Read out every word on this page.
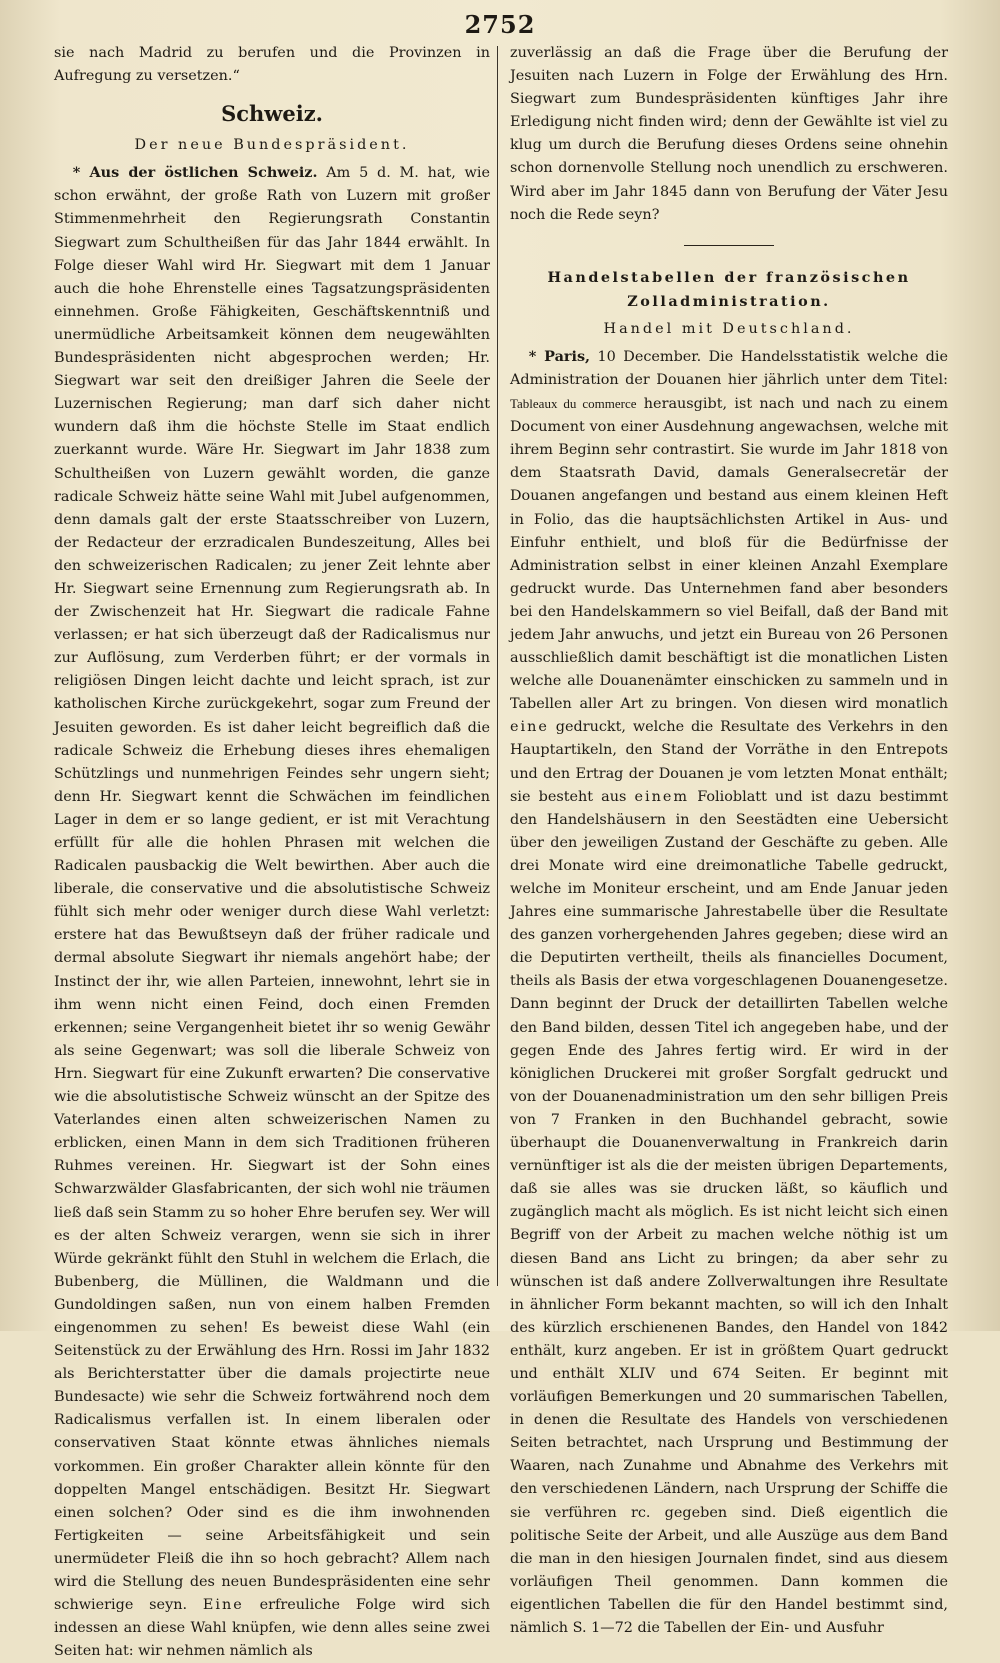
2752

sie nach Madrid zu berufen und die Provinzen in Aufregung zu versetzen.“

Schweiz.
Der neue Bundespräsident.

* Aus der östlichen Schweiz. Am 5 d. M. hat, wie schon erwähnt, der große Rath von Luzern mit großer Stimmenmehrheit den Regierungsrath Constantin Siegwart zum Schultheißen für das Jahr 1844 erwählt. In Folge dieser Wahl wird Hr. Siegwart mit dem 1 Januar auch die hohe Ehrenstelle eines Tagsatzungspräsidenten einnehmen. Große Fähigkeiten, Geschäftskenntniß und unermüdliche Arbeitsamkeit können dem neugewählten Bundespräsidenten nicht abgesprochen werden; Hr. Siegwart war seit den dreißiger Jahren die Seele der Luzernischen Regierung; man darf sich daher nicht wundern daß ihm die höchste Stelle im Staat endlich zuerkannt wurde. Wäre Hr. Siegwart im Jahr 1838 zum Schultheißen von Luzern gewählt worden, die ganze radicale Schweiz hätte seine Wahl mit Jubel aufgenommen, denn damals galt der erste Staatsschreiber von Luzern, der Redacteur der erzradicalen Bundeszeitung, Alles bei den schweizerischen Radicalen; zu jener Zeit lehnte aber Hr. Siegwart seine Ernennung zum Regierungsrath ab. In der Zwischenzeit hat Hr. Siegwart die radicale Fahne verlassen; er hat sich überzeugt daß der Radicalismus nur zur Auflösung, zum Verderben führt; er der vormals in religiösen Dingen leicht dachte und leicht sprach, ist zur katholischen Kirche zurückgekehrt, sogar zum Freund der Jesuiten geworden. Es ist daher leicht begreiflich daß die radicale Schweiz die Erhebung dieses ihres ehemaligen Schützlings und nunmehrigen Feindes sehr ungern sieht; denn Hr. Siegwart kennt die Schwächen im feindlichen Lager in dem er so lange gedient, er ist mit Verachtung erfüllt für alle die hohlen Phrasen mit welchen die Radicalen pausbackig die Welt bewirthen. Aber auch die liberale, die conservative und die absolutistische Schweiz fühlt sich mehr oder weniger durch diese Wahl verletzt: erstere hat das Bewußtseyn daß der früher radicale und dermal absolute Siegwart ihr niemals angehört habe; der Instinct der ihr, wie allen Parteien, innewohnt, lehrt sie in ihm wenn nicht einen Feind, doch einen Fremden erkennen; seine Vergangenheit bietet ihr so wenig Gewähr als seine Gegenwart; was soll die liberale Schweiz von Hrn. Siegwart für eine Zukunft erwarten? Die conservative wie die absolutistische Schweiz wünscht an der Spitze des Vaterlandes einen alten schweizerischen Namen zu erblicken, einen Mann in dem sich Traditionen früheren Ruhmes vereinen. Hr. Siegwart ist der Sohn eines Schwarzwälder Glasfabricanten, der sich wohl nie träumen ließ daß sein Stamm zu so hoher Ehre berufen sey. Wer will es der alten Schweiz verargen, wenn sie sich in ihrer Würde gekränkt fühlt den Stuhl in welchem die Erlach, die Bubenberg, die Müllinen, die Waldmann und die Gundoldingen saßen, nun von einem halben Fremden eingenommen zu sehen! Es beweist diese Wahl (ein Seitenstück zu der Erwählung des Hrn. Rossi im Jahr 1832 als Berichterstatter über die damals projectirte neue Bundesacte) wie sehr die Schweiz fortwährend noch dem Radicalismus verfallen ist. In einem liberalen oder conservativen Staat könnte etwas ähnliches niemals vorkommen. Ein großer Charakter allein könnte für den doppelten Mangel entschädigen. Besitzt Hr. Siegwart einen solchen? Oder sind es die ihm inwohnenden Fertigkeiten — seine Arbeitsfähigkeit und sein unermüdeter Fleiß die ihn so hoch gebracht? Allem nach wird die Stellung des neuen Bundespräsidenten eine sehr schwierige seyn. Eine erfreuliche Folge wird sich indessen an diese Wahl knüpfen, wie denn alles seine zwei Seiten hat: wir nehmen nämlich als

zuverlässig an daß die Frage über die Berufung der Jesuiten nach Luzern in Folge der Erwählung des Hrn. Siegwart zum Bundespräsidenten künftiges Jahr ihre Erledigung nicht finden wird; denn der Gewählte ist viel zu klug um durch die Berufung dieses Ordens seine ohnehin schon dornenvolle Stellung noch unendlich zu erschweren. Wird aber im Jahr 1845 dann von Berufung der Väter Jesu noch die Rede seyn?

Handelstabellen der französischen Zolladministration.
Handel mit Deutschland.

* Paris, 10 December. Die Handelsstatistik welche die Administration der Douanen hier jährlich unter dem Titel: Tableaux du commerce herausgibt, ist nach und nach zu einem Document von einer Ausdehnung angewachsen, welche mit ihrem Beginn sehr contrastirt. Sie wurde im Jahr 1818 von dem Staatsrath David, damals Generalsecretär der Douanen angefangen und bestand aus einem kleinen Heft in Folio, das die hauptsächlichsten Artikel in Aus- und Einfuhr enthielt, und bloß für die Bedürfnisse der Administration selbst in einer kleinen Anzahl Exemplare gedruckt wurde. Das Unternehmen fand aber besonders bei den Handelskammern so viel Beifall, daß der Band mit jedem Jahr anwuchs, und jetzt ein Bureau von 26 Personen ausschließlich damit beschäftigt ist die monatlichen Listen welche alle Douanenämter einschicken zu sammeln und in Tabellen aller Art zu bringen. Von diesen wird monatlich eine gedruckt, welche die Resultate des Verkehrs in den Hauptartikeln, den Stand der Vorräthe in den Entrepots und den Ertrag der Douanen je vom letzten Monat enthält; sie besteht aus einem Folioblatt und ist dazu bestimmt den Handelshäusern in den Seestädten eine Uebersicht über den jeweiligen Zustand der Geschäfte zu geben. Alle drei Monate wird eine dreimonatliche Tabelle gedruckt, welche im Moniteur erscheint, und am Ende Januar jeden Jahres eine summarische Jahrestabelle über die Resultate des ganzen vorhergehenden Jahres gegeben; diese wird an die Deputirten vertheilt, theils als financielles Document, theils als Basis der etwa vorgeschlagenen Douanengesetze. Dann beginnt der Druck der detaillirten Tabellen welche den Band bilden, dessen Titel ich angegeben habe, und der gegen Ende des Jahres fertig wird. Er wird in der königlichen Druckerei mit großer Sorgfalt gedruckt und von der Douanenadministration um den sehr billigen Preis von 7 Franken in den Buchhandel gebracht, sowie überhaupt die Douanenverwaltung in Frankreich darin vernünftiger ist als die der meisten übrigen Departements, daß sie alles was sie drucken läßt, so käuflich und zugänglich macht als möglich. Es ist nicht leicht sich einen Begriff von der Arbeit zu machen welche nöthig ist um diesen Band ans Licht zu bringen; da aber sehr zu wünschen ist daß andere Zollverwaltungen ihre Resultate in ähnlicher Form bekannt machten, so will ich den Inhalt des kürzlich erschienenen Bandes, den Handel von 1842 enthält, kurz angeben. Er ist in größtem Quart gedruckt und enthält XLIV und 674 Seiten. Er beginnt mit vorläufigen Bemerkungen und 20 summarischen Tabellen, in denen die Resultate des Handels von verschiedenen Seiten betrachtet, nach Ursprung und Bestimmung der Waaren, nach Zunahme und Abnahme des Verkehrs mit den verschiedenen Ländern, nach Ursprung der Schiffe die sie verführen rc. gegeben sind. Dieß eigentlich die politische Seite der Arbeit, und alle Auszüge aus dem Band die man in den hiesigen Journalen findet, sind aus diesem vorläufigen Theil genommen. Dann kommen die eigentlichen Tabellen die für den Handel bestimmt sind, nämlich S. 1—72 die Tabellen der Ein- und Ausfuhr
